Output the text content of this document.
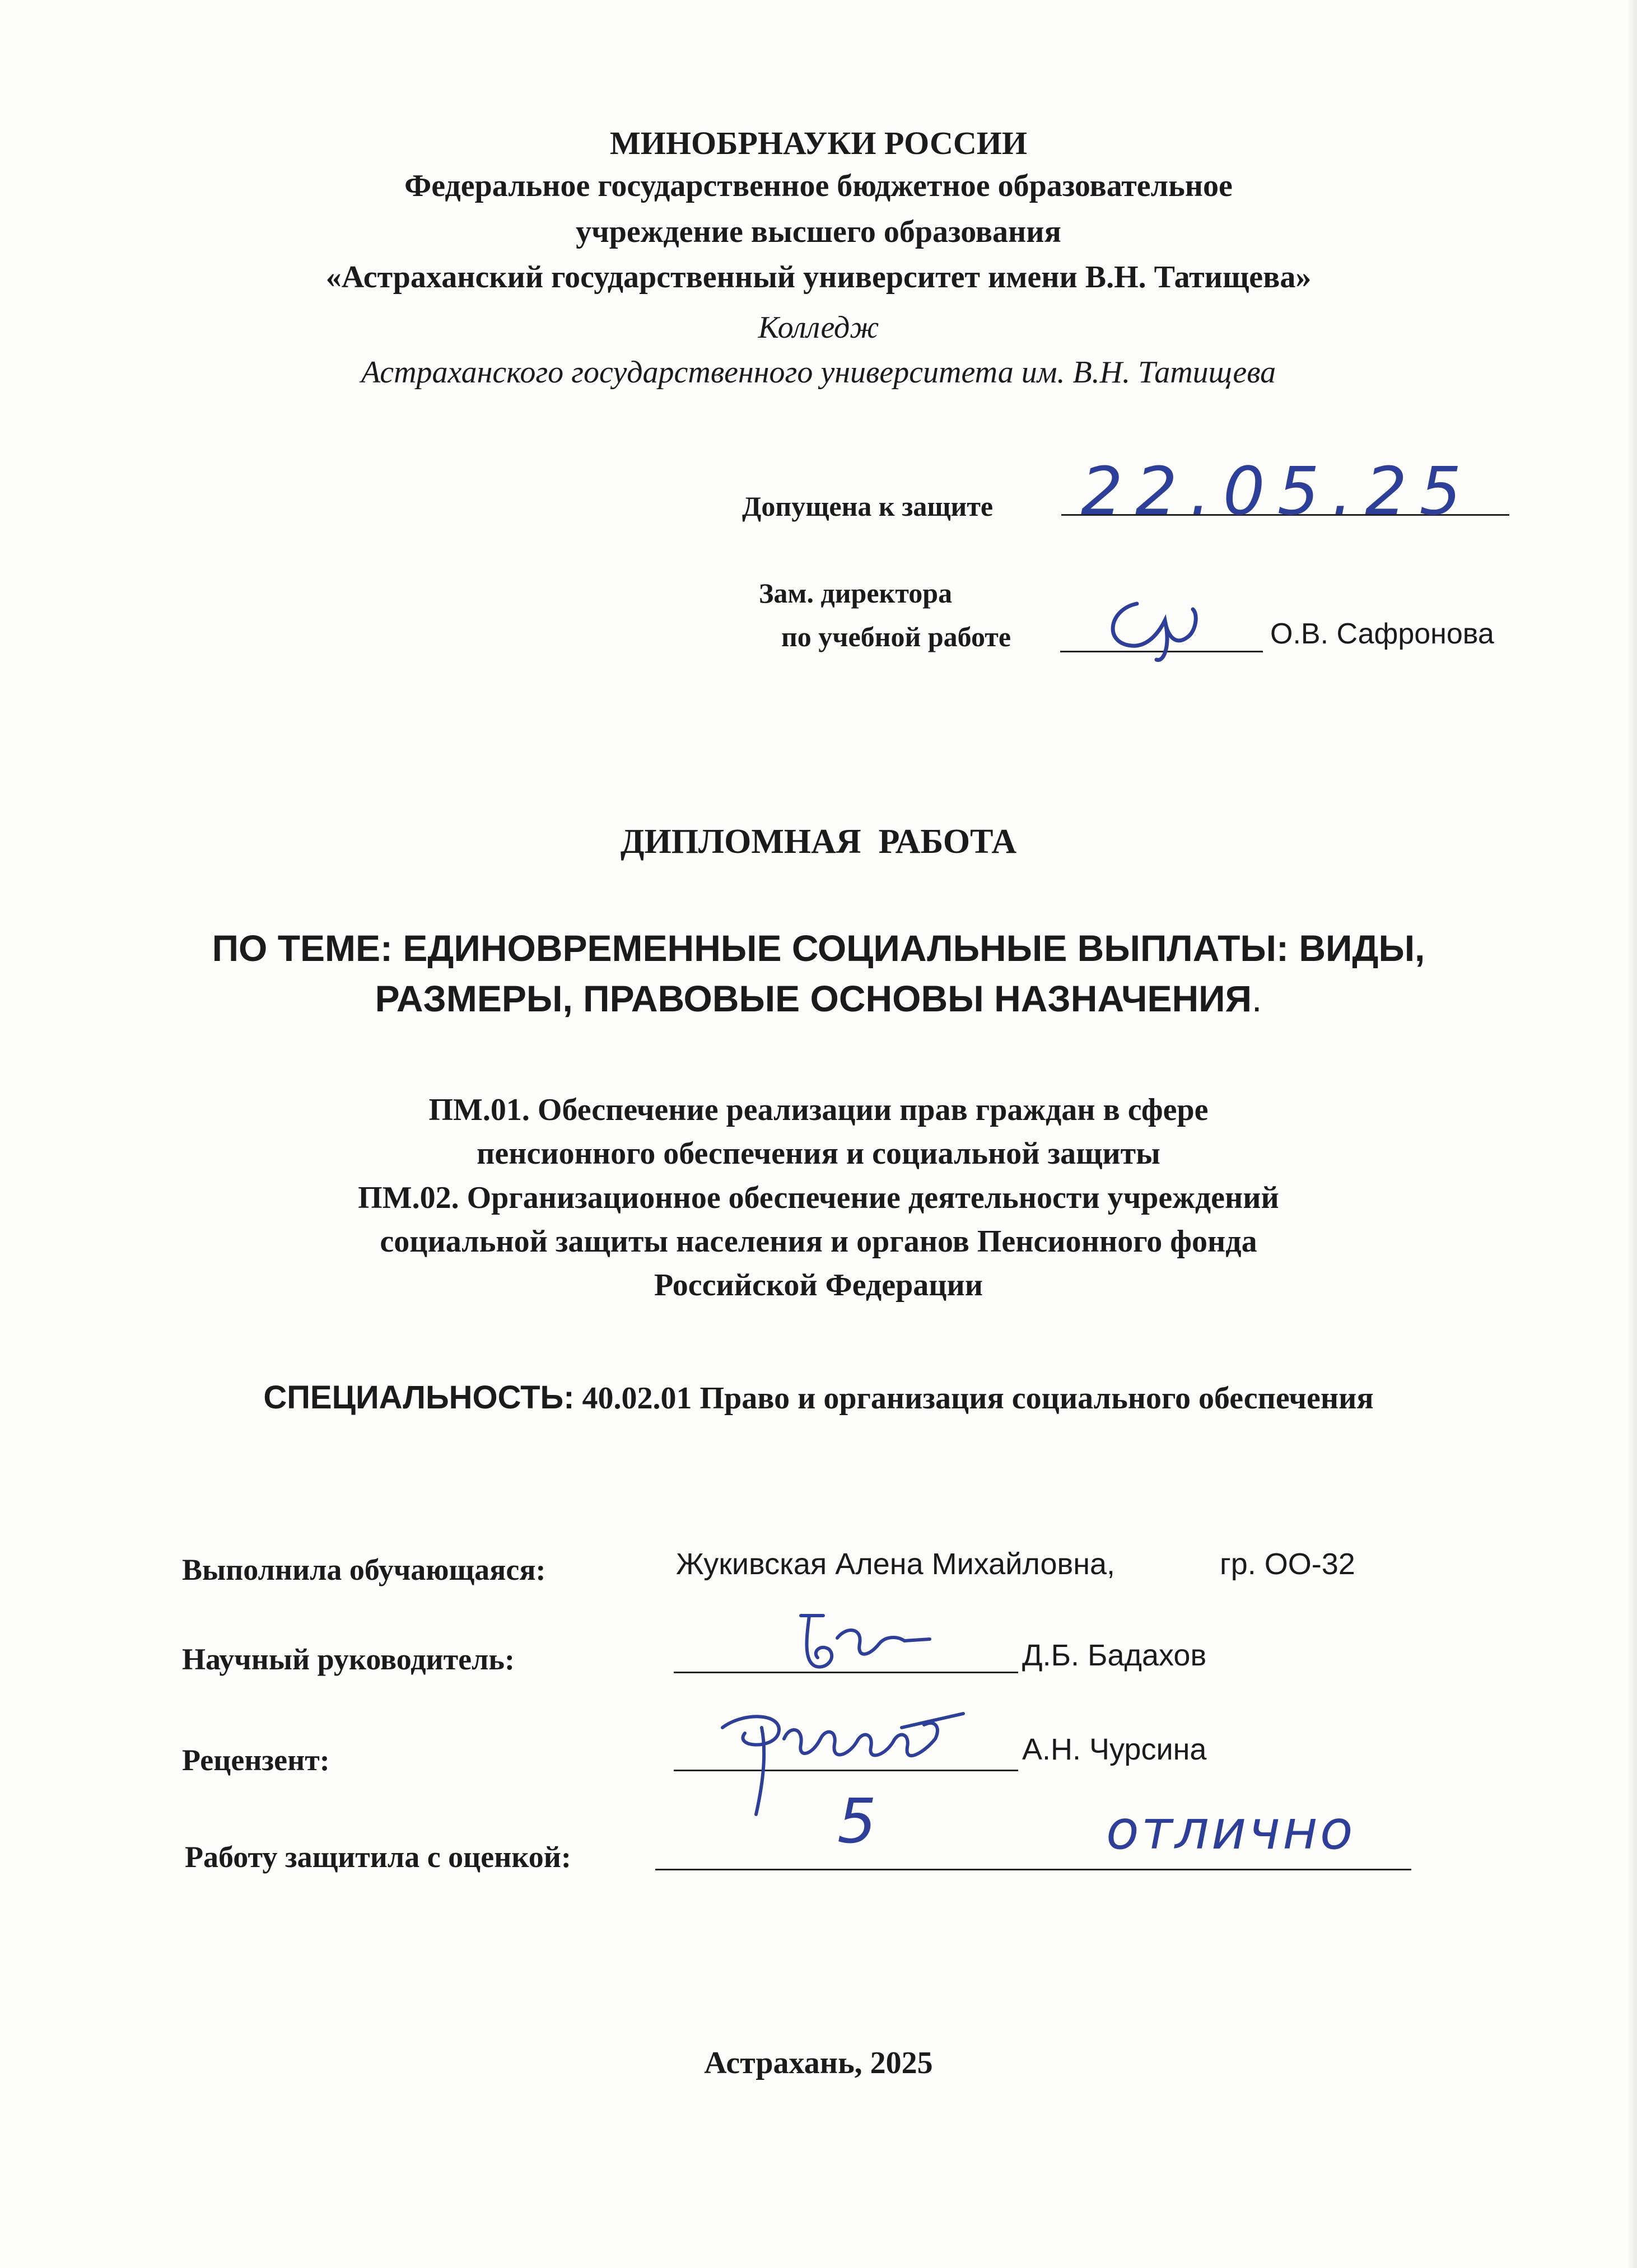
МИНОБРНАУКИ РОССИИ
Федеральное государственное бюджетное образовательное
учреждение высшего образования
«Астраханский государственный университет имени В.Н. Татищева»
Колледж
Астраханского государственного университета им. В.Н. Татищева
Допущена к защите 22.05.25
Зам. директора
по учебной работе	О.В. Сафронова
ДИПЛОМНАЯ  РАБОТА
ПО ТЕМЕ: ЕДИНОВРЕМЕННЫЕ СОЦИАЛЬНЫЕ ВЫПЛАТЫ: ВИДЫ,
РАЗМЕРЫ, ПРАВОВЫЕ ОСНОВЫ НАЗНАЧЕНИЯ.
ПМ.01. Обеспечение реализации прав граждан в сфере
пенсионного обеспечения и социальной защиты
ПМ.02. Организационное обеспечение деятельности учреждений
социальной защиты населения и органов Пенсионного фонда
Российской Федерации
СПЕЦИАЛЬНОСТЬ: 40.02.01 Право и организация социального обеспечения
Выполнила обучающаяся:	Жукивская Алена Михайловна,	гр. ОО-32
Научный руководитель:	Д.Б. Бадахов
Рецензент:	А.Н. Чурсина
Работу защитила с оценкой:	5	отлично
Астрахань, 2025
